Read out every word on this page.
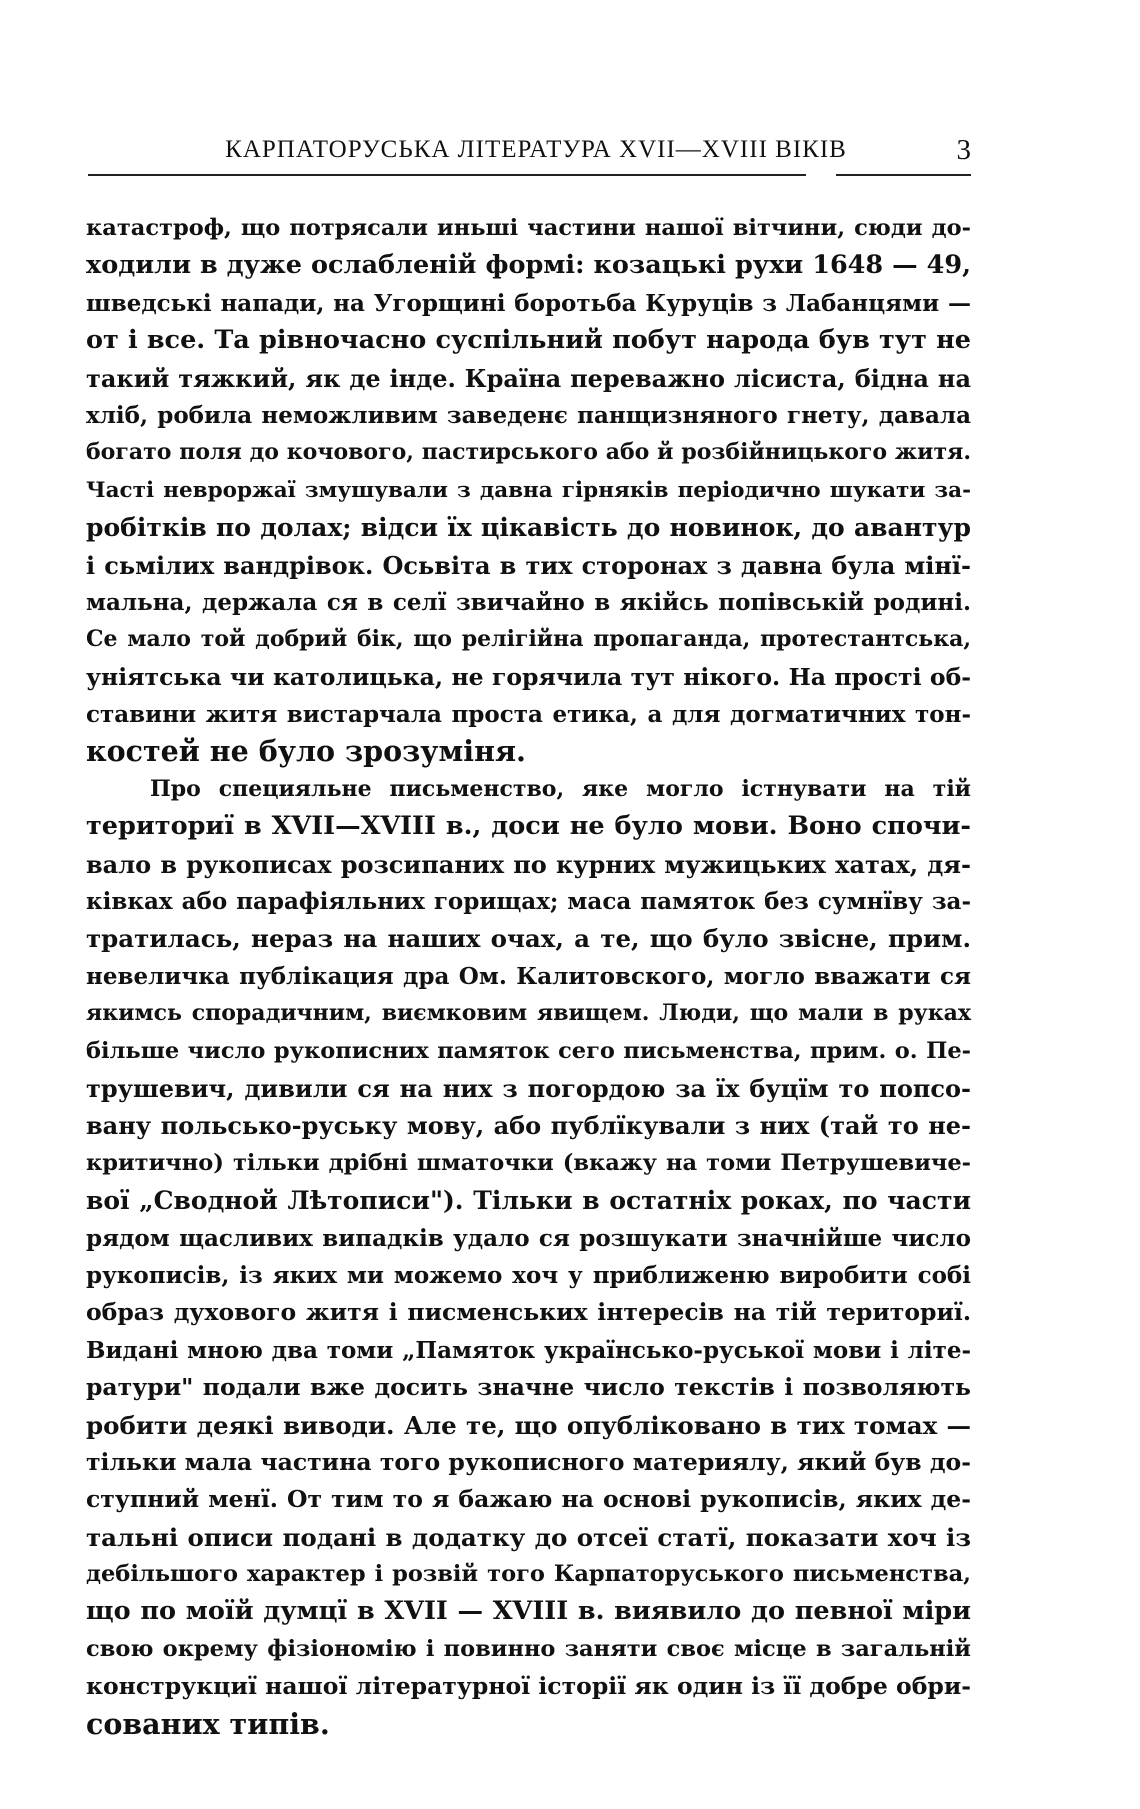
КАРПАТОРУСЬКА ЛІТЕРАТУРА XVII—XVIII ВІКІВ	3
катастроф, що потрясали иньші частини нашої вітчини, сюди до-
ходили в дуже ослабленій формі: козацькі рухи 1648 — 49,
шведські напади, на Угорщині боротьба Куруців з Лабанцями —
от і все. Та рівночасно суспільний побут народа був тут не
такий тяжкий, як де інде. Країна переважно лісиста, бідна на
хліб, робила неможливим заведенє панщизняного гнету, давала
богато поля до кочового, пастирського або й розбійницького житя.
Часті невроржаї змушували з давна гірняків періодично шукати за-
робітків по долах; відси їх цікавість до новинок, до авантур
і сьмілих вандрівок. Осьвіта в тих сторонах з давна була мінї-
мальна, держала ся в селї звичайно в якійсь попівській родині.
Се мало той добрий бік, що релігійна пропаганда, протестантська,
уніятська чи католицька, не горячила тут нікого. На прості об-
ставини житя вистарчала проста етика, а для догматичних тон-
костей не було зрозуміня.
Про специяльне письменство, яке могло істнувати на тій
териториї в XVII—XVIII в., доси не було мови. Воно спочи-
вало в рукописах розсипаних по курних мужицьких хатах, дя-
ківках або парафіяльних горищах; маса памяток без сумнїву за-
тратилась, нераз на наших очах, а те, що було звісне, прим.
невеличка публікация дра Ом. Калитовского, могло вважати ся
якимсь спорадичним, виємковим явищем. Люди, що мали в руках
більше число рукописних памяток сего письменства, прим. о. Пе-
трушевич, дивили ся на них з погордою за їх буцїм то попсо-
вану польсько-руську мову, або публїкували з них (тай то не-
критично) тільки дрібні шматочки (вкажу на томи Петрушевиче-
вої „Сводной Лѣтописи"). Тільки в остатніх роках, по части
рядом щасливих випадків удало ся розшукати значнійше число
рукописів, із яких ми можемо хоч у приближеню виробити собі
образ духового житя і писменських інтересів на тій териториї.
Видані мною два томи „Памяток українсько-руської мови і літе-
ратури" подали вже досить значне число текстів і позволяють
робити деякі виводи. Але те, що опубліковано в тих томах —
тільки мала частина того рукописного материялу, який був до-
ступний менї. От тим то я бажаю на основі рукописів, яких де-
тальні описи подані в додатку до отсеї статї, показати хоч із
дебільшого характер і розвій того Карпаторуського письменства,
що по моїй думцї в XVII — XVIII в. виявило до певної міри
свою окрему фізіономію і повинно заняти своє місце в загальній
конструкциї нашої літературної історії як один із її добре обри-
сованих типів.
